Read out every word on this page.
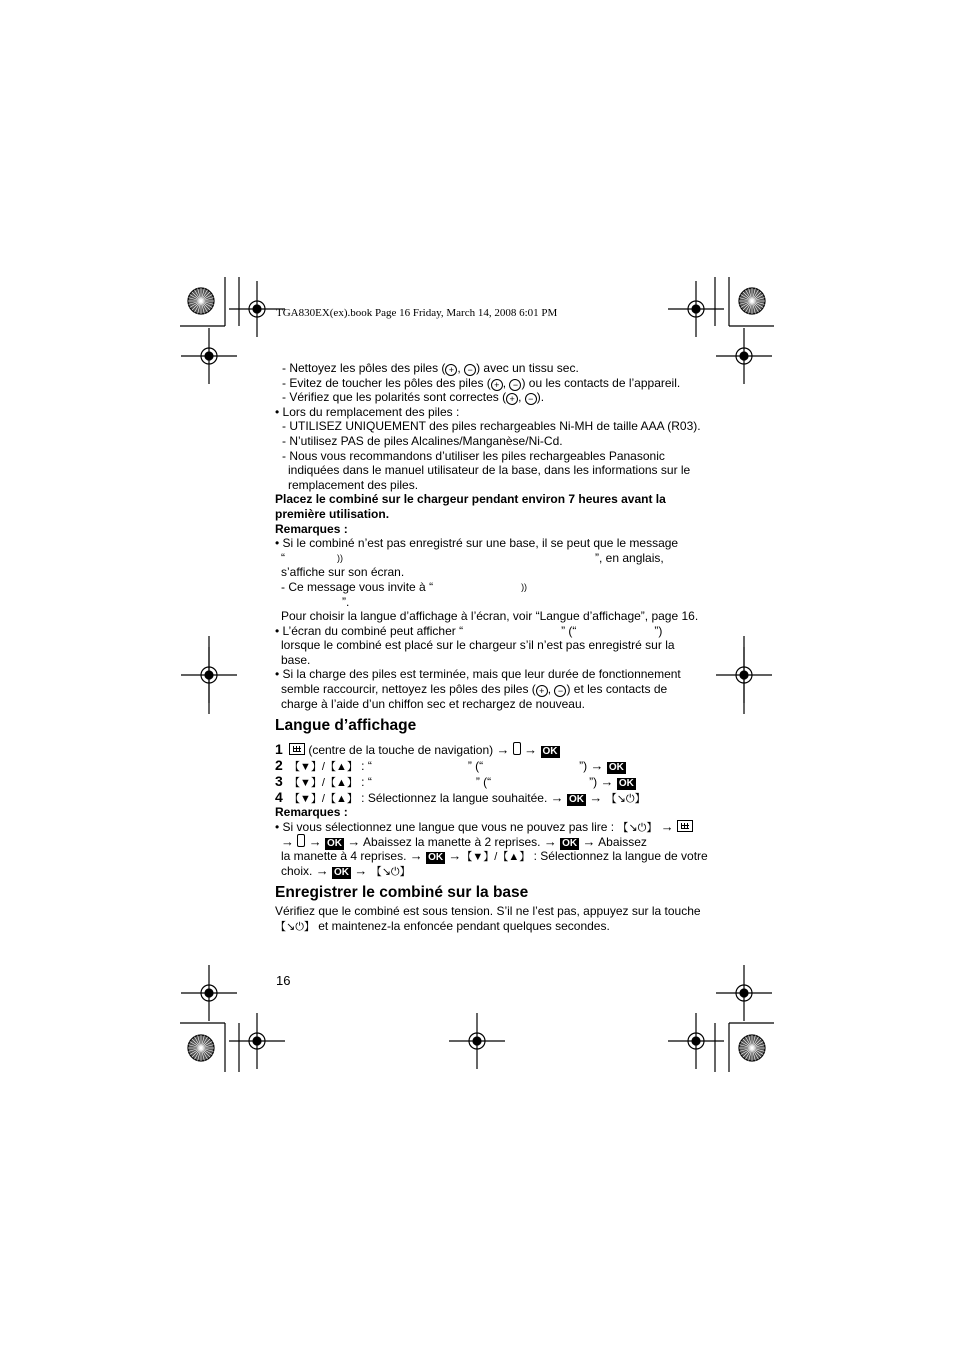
TGA830EX(ex).book Page 16 Friday, March 14, 2008 6:01 PM
- Nettoyez les pôles des piles ( + , − ) avec un tissu sec.
- Evitez de toucher les pôles des piles ( + , − ) ou les contacts de l’appareil.
- Vérifiez que les polarités sont correctes ( + , − ).
• Lors du remplacement des piles :
- UTILISEZ UNIQUEMENT des piles rechargeables Ni-MH de taille AAA (R03).
- N’utilisez PAS de piles Alcalines/Manganèse/Ni-Cd.
- Nous vous recommandons d’utiliser les piles rechargeables Panasonic
indiquées dans le manuel utilisateur de la base, dans les informations sur le
remplacement des piles.
Placez le combiné sur le chargeur pendant environ 7 heures avant la
première utilisation.
Remarques :
• Si le combiné n’est pas enregistré sur une base, il se peut que le message
“	))	”, en anglais,
s’affiche sur son écran.
- Ce message vous invite à “	))
”.
Pour choisir la langue d’affichage à l’écran, voir “Langue d’affichage”, page 16.
• L’écran du combiné peut afficher “	” (“	”)
lorsque le combiné est placé sur le chargeur s’il n’est pas enregistré sur la
base.
• Si la charge des piles est terminée, mais que leur durée de fonctionnement
semble raccourcir, nettoyez les pôles des piles ( + , − ) et les contacts de
charge à l’aide d’un chiffon sec et rechargez de nouveau.
Langue d’affichage
1 (centre de la touche de navigation) → → OK
2 【▼】/【▲】 : “	” (“	”) → OK
3 【▼】/【▲】 : “	” (“	”) → OK
4 【▼】/【▲】 : Sélectionnez la langue souhaitée. → OK → 【↘⏻】
Remarques :
• Si vous sélectionnez une langue que vous ne pouvez pas lire : 【↘⏻】 →
→ → OK → Abaissez la manette à 2 reprises. → OK → Abaissez
la manette à 4 reprises. → OK →【▼】/【▲】 : Sélectionnez la langue de votre
choix. → OK → 【↘⏻】
Enregistrer le combiné sur la base
Vérifiez que le combiné est sous tension. S’il ne l’est pas, appuyez sur la touche
【↘⏻】 et maintenez-la enfoncée pendant quelques secondes.
16
